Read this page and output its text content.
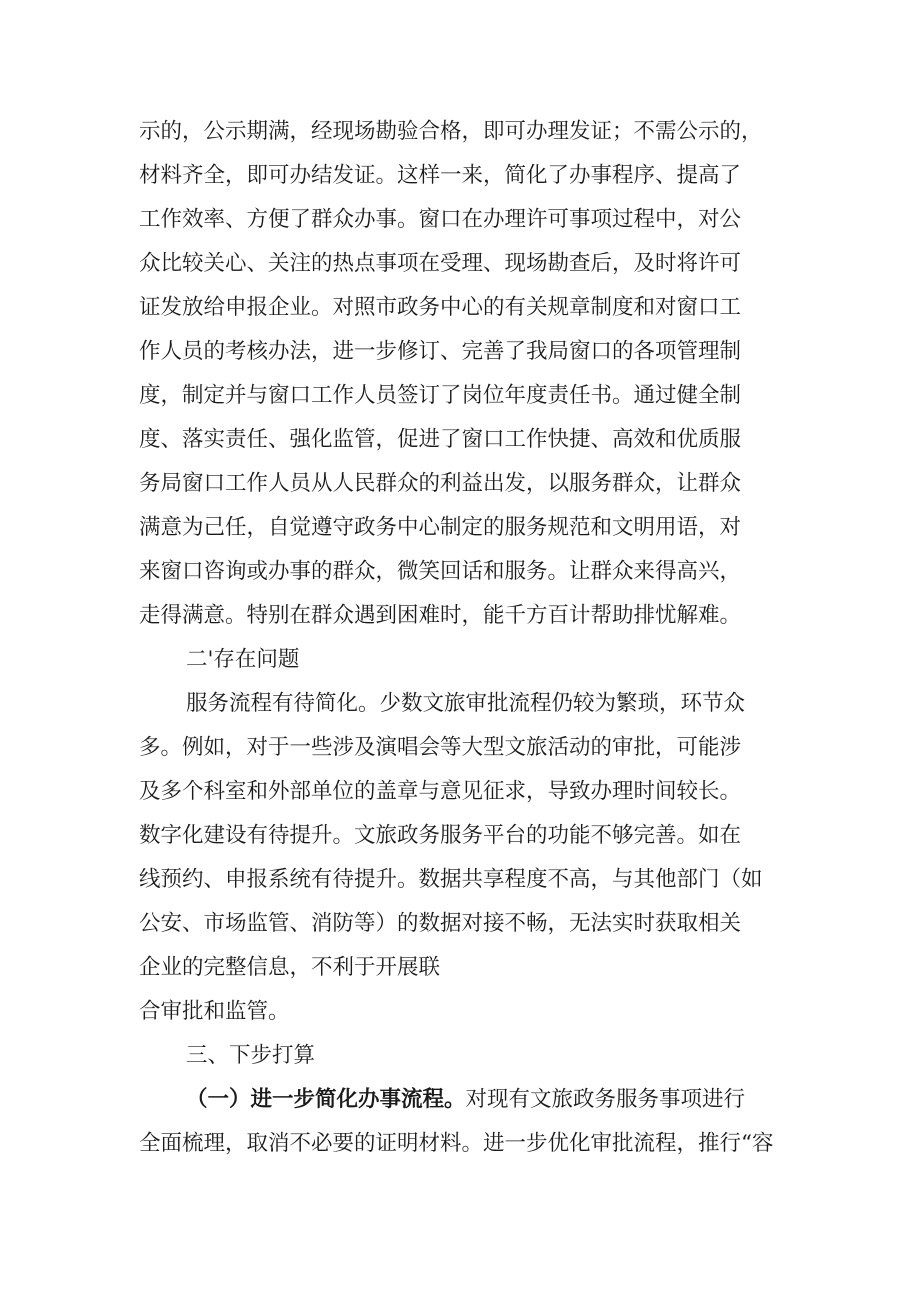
示的，公示期满，经现场勘验合格，即可办理发证；不需公示的，
材料齐全，即可办结发证。这样一来，简化了办事程序、提高了
工作效率、方便了群众办事。窗口在办理许可事项过程中，对公
众比较关心、关注的热点事项在受理、现场勘查后，及时将许可
证发放给申报企业。对照市政务中心的有关规章制度和对窗口工
作人员的考核办法，进一步修订、完善了我局窗口的各项管理制
度，制定并与窗口工作人员签订了岗位年度责任书。通过健全制
度、落实责任、强化监管，促进了窗口工作快捷、高效和优质服
务局窗口工作人员从人民群众的利益出发，以服务群众，让群众
满意为己任，自觉遵守政务中心制定的服务规范和文明用语，对
来窗口咨询或办事的群众，微笑回话和服务。让群众来得高兴，
走得满意。特别在群众遇到困难时，能千方百计帮助排忧解难。
二'存在问题
服务流程有待简化。少数文旅审批流程仍较为繁琐，环节众
多。例如，对于一些涉及演唱会等大型文旅活动的审批，可能涉
及多个科室和外部单位的盖章与意见征求，导致办理时间较长。
数字化建设有待提升。文旅政务服务平台的功能不够完善。如在
线预约、申报系统有待提升。数据共享程度不高，与其他部门（如
公安、市场监管、消防等）的数据对接不畅，无法实时获取相关
企业的完整信息，不利于开展联
合审批和监管。
三、下步打算
（一）进一步简化办事流程。对现有文旅政务服务事项进行
全面梳理，取消不必要的证明材料。进一步优化审批流程，推行“容
